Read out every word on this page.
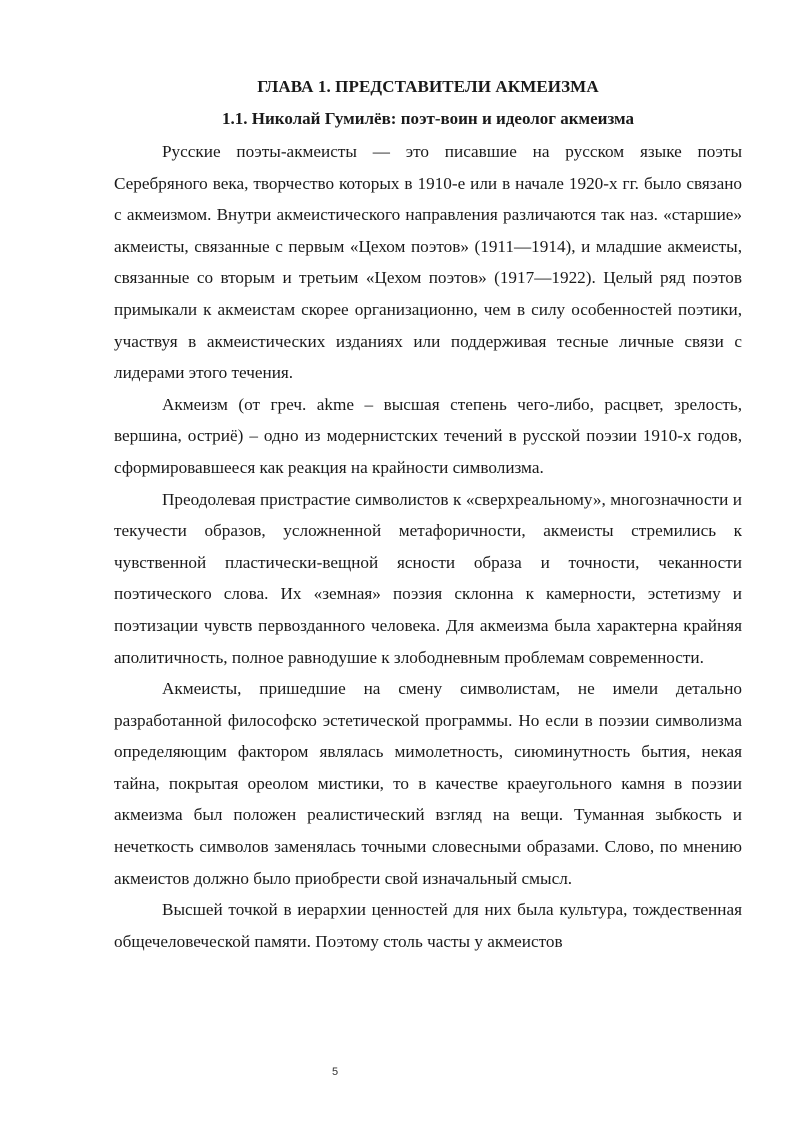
ГЛАВА 1. ПРЕДСТАВИТЕЛИ АКМЕИЗМА
1.1. Николай Гумилёв: поэт-воин и идеолог акмеизма

Русские поэты-акмеисты — это писавшие на русском языке поэты Серебряного века, творчество которых в 1910-е или в начале 1920-х гг. было связано с акмеизмом. Внутри акмеистического направления различаются так наз. «старшие» акмеисты, связанные с первым «Цехом поэтов» (1911—1914), и младшие акмеисты, связанные со вторым и третьим «Цехом поэтов» (1917—1922). Целый ряд поэтов примыкали к акмеистам скорее организационно, чем в силу особенностей поэтики, участвуя в акмеистических изданиях или поддерживая тесные личные связи с лидерами этого течения.

Акмеизм (от греч. akme – высшая степень чего-либо, расцвет, зрелость, вершина, остриё) – одно из модернистских течений в русской поэзии 1910-х годов, сформировавшееся как реакция на крайности символизма.

Преодолевая пристрастие символистов к «сверхреальному», многозначности и текучести образов, усложненной метафоричности, акмеисты стремились к чувственной пластически-вещной ясности образа и точности, чеканности поэтического слова. Их «земная» поэзия склонна к камерности, эстетизму и поэтизации чувств первозданного человека. Для акмеизма была характерна крайняя аполитичность, полное равнодушие к злободневным проблемам современности.

Акмеисты, пришедшие на смену символистам, не имели детально разработанной философско эстетической программы. Но если в поэзии символизма определяющим фактором являлась мимолетность, сиюминутность бытия, некая тайна, покрытая ореолом мистики, то в качестве краеугольного камня в поэзии акмеизма был положен реалистический взгляд на вещи. Туманная зыбкость и нечеткость символов заменялась точными словесными образами. Слово, по мнению акмеистов должно было приобрести свой изначальный смысл.

Высшей точкой в иерархии ценностей для них была культура, тождественная общечеловеческой памяти. Поэтому столь часты у акмеистов

5
